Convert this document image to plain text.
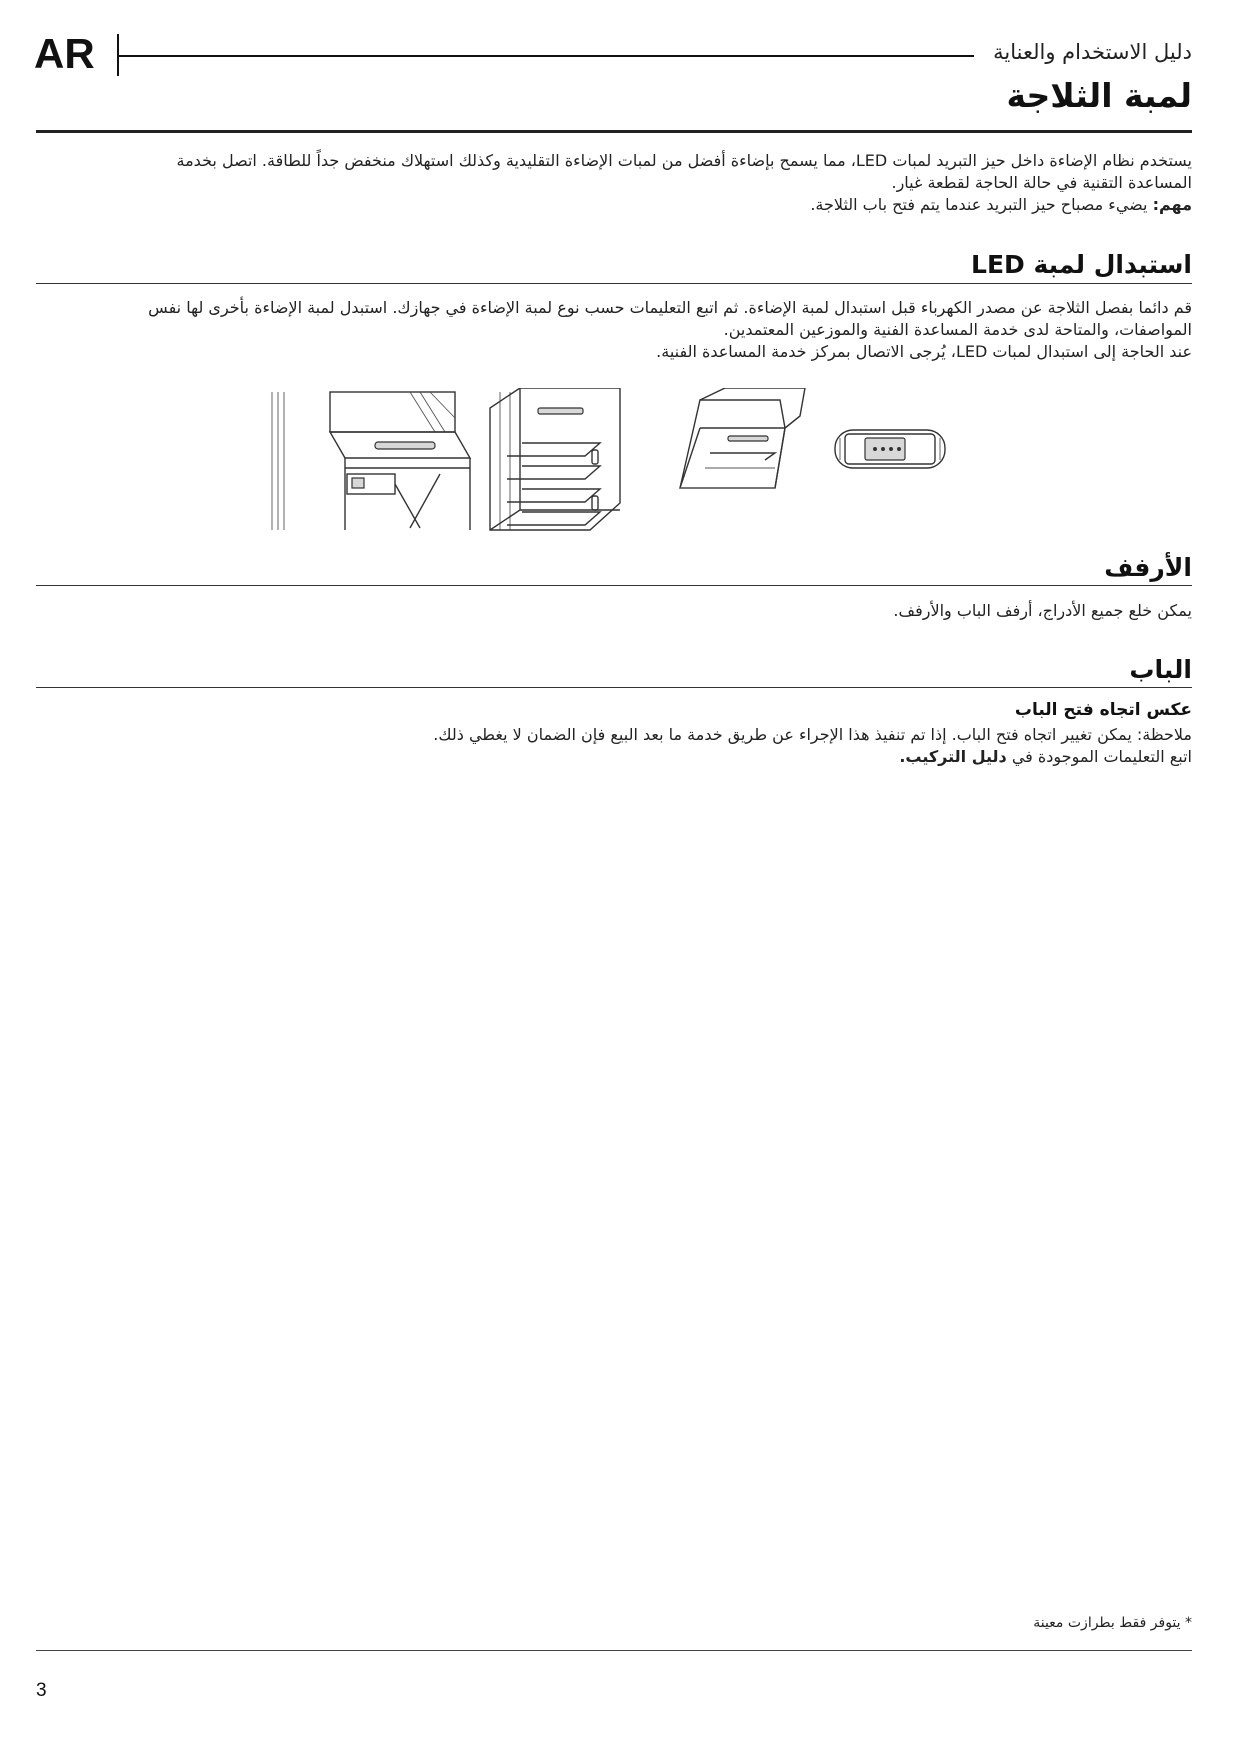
AR	دليل الاستخدام والعناية
لمبة الثلاجة

يستخدم نظام الإضاءة داخل حيز التبريد لمبات LED، مما يسمح بإضاءة أفضل من لمبات الإضاءة التقليدية وكذلك استهلاك منخفض جداً للطاقة. اتصل بخدمة

المساعدة التقنية في حالة الحاجة لقطعة غيار.

مهم: يضيء مصباح حيز التبريد عندما يتم فتح باب الثلاجة.

استبدال لمبة LED

قم دائما بفصل الثلاجة عن مصدر الكهرباء قبل استبدال لمبة الإضاءة. ثم اتبع التعليمات حسب نوع لمبة الإضاءة في جهازك. استبدل لمبة الإضاءة بأخرى لها نفس

المواصفات، والمتاحة لدى خدمة المساعدة الفنية والموزعين المعتمدين.

عند الحاجة إلى استبدال لمبات LED، يُرجى الاتصال بمركز خدمة المساعدة الفنية.

الأرفف

يمكن خلع جميع الأدراج، أرفف الباب والأرفف.

الباب
عكس اتجاه فتح الباب

ملاحظة: يمكن تغيير اتجاه فتح الباب. إذا تم تنفيذ هذا الإجراء عن طريق خدمة ما بعد البيع فإن الضمان لا يغطي ذلك.

اتبع التعليمات الموجودة في دليل التركيب.

* يتوفر فقط بطرازت معينة
3
